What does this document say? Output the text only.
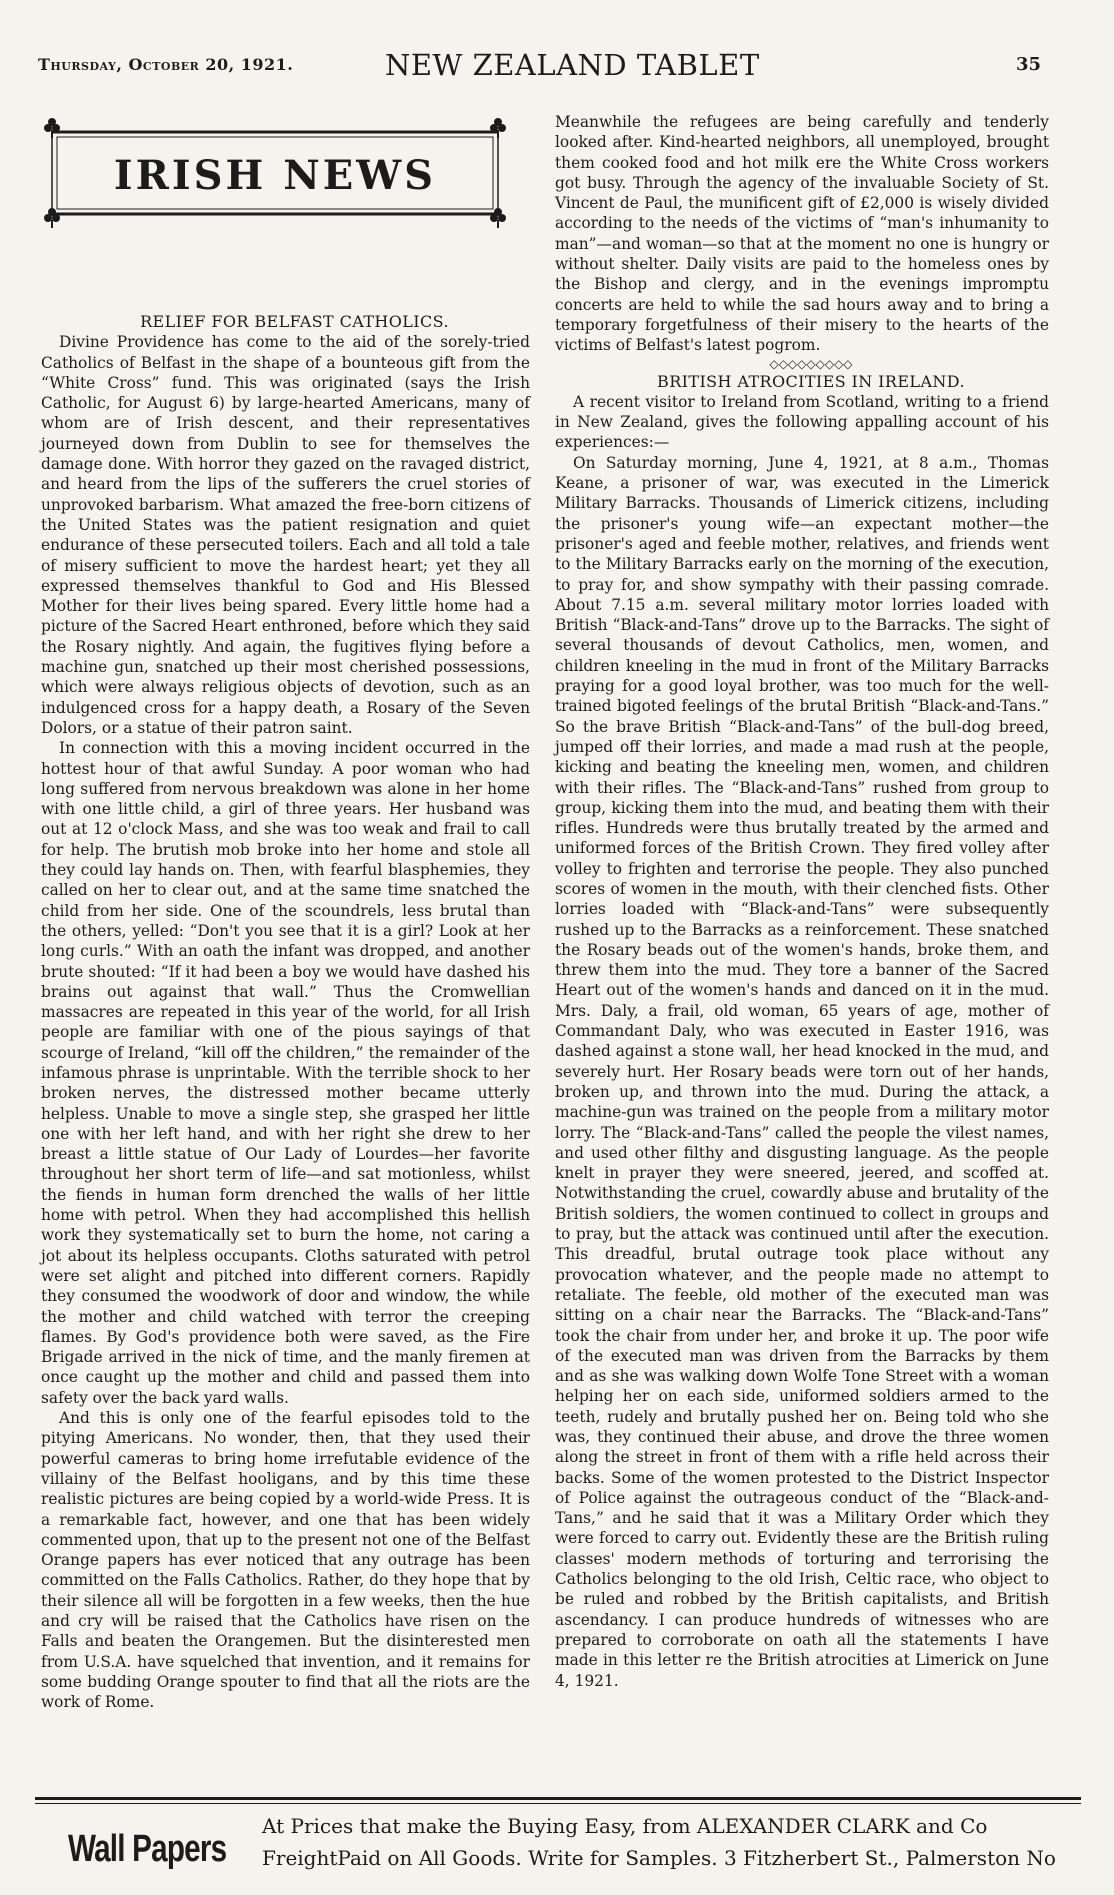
Thursday, October 20, 1921.	NEW ZEALAND TABLET	35
IRISH NEWS

RELIEF FOR BELFAST CATHOLICS.

Divine Providence has come to the aid of the sorely-tried Catholics of Belfast in the shape of a bounteous gift from the “White Cross” fund. This was originated (says the Irish Catholic, for August 6) by large-hearted Americans, many of whom are of Irish descent, and their representatives journeyed down from Dublin to see for themselves the damage done. With horror they gazed on the ravaged district, and heard from the lips of the sufferers the cruel stories of unprovoked barbarism. What amazed the free-born citizens of the United States was the patient resignation and quiet endurance of these persecuted toilers. Each and all told a tale of misery sufficient to move the hardest heart; yet they all expressed themselves thankful to God and His Blessed Mother for their lives being spared. Every little home had a picture of the Sacred Heart enthroned, before which they said the Rosary nightly. And again, the fugitives flying before a machine gun, snatched up their most cherished possessions, which were always religious objects of devotion, such as an indulgenced cross for a happy death, a Rosary of the Seven Dolors, or a statue of their patron saint.

In connection with this a moving incident occurred in the hottest hour of that awful Sunday. A poor woman who had long suffered from nervous breakdown was alone in her home with one little child, a girl of three years. Her husband was out at 12 o'clock Mass, and she was too weak and frail to call for help. The brutish mob broke into her home and stole all they could lay hands on. Then, with fearful blasphemies, they called on her to clear out, and at the same time snatched the child from her side. One of the scoundrels, less brutal than the others, yelled: “Don't you see that it is a girl? Look at her long curls.” With an oath the infant was dropped, and another brute shouted: “If it had been a boy we would have dashed his brains out against that wall.” Thus the Cromwellian massacres are repeated in this year of the world, for all Irish people are familiar with one of the pious sayings of that scourge of Ireland, “kill off the children,” the remainder of the infamous phrase is unprintable. With the terrible shock to her broken nerves, the distressed mother became utterly helpless. Unable to move a single step, she grasped her little one with her left hand, and with her right she drew to her breast a little statue of Our Lady of Lourdes—her favorite throughout her short term of life—and sat motionless, whilst the fiends in human form drenched the walls of her little home with petrol. When they had accomplished this hellish work they systematically set to burn the home, not caring a jot about its helpless occupants. Cloths saturated with petrol were set alight and pitched into different corners. Rapidly they consumed the woodwork of door and window, the while the mother and child watched with terror the creeping flames. By God's providence both were saved, as the Fire Brigade arrived in the nick of time, and the manly firemen at once caught up the mother and child and passed them into safety over the back yard walls.

And this is only one of the fearful episodes told to the pitying Americans. No wonder, then, that they used their powerful cameras to bring home irrefutable evidence of the villainy of the Belfast hooligans, and by this time these realistic pictures are being copied by a world-wide Press. It is a remarkable fact, however, and one that has been widely commented upon, that up to the present not one of the Belfast Orange papers has ever noticed that any outrage has been committed on the Falls Catholics. Rather, do they hope that by their silence all will be forgotten in a few weeks, then the hue and cry will be raised that the Catholics have risen on the Falls and beaten the Orangemen. But the disinterested men from U.S.A. have squelched that invention, and it remains for some budding Orange spouter to find that all the riots are the work of Rome.

Meanwhile the refugees are being carefully and tenderly looked after. Kind-hearted neighbors, all unemployed, brought them cooked food and hot milk ere the White Cross workers got busy. Through the agency of the invaluable Society of St. Vincent de Paul, the munificent gift of £2,000 is wisely divided according to the needs of the victims of “man's inhumanity to man”—and woman—so that at the moment no one is hungry or without shelter. Daily visits are paid to the homeless ones by the Bishop and clergy, and in the evenings impromptu concerts are held to while the sad hours away and to bring a temporary forgetfulness of their misery to the hearts of the victims of Belfast's latest pogrom.

◇◇◇◇◇◇◇◇◇

BRITISH ATROCITIES IN IRELAND.

A recent visitor to Ireland from Scotland, writing to a friend in New Zealand, gives the following appalling account of his experiences:—

On Saturday morning, June 4, 1921, at 8 a.m., Thomas Keane, a prisoner of war, was executed in the Limerick Military Barracks. Thousands of Limerick citizens, including the prisoner's young wife—an expectant mother—the prisoner's aged and feeble mother, relatives, and friends went to the Military Barracks early on the morning of the execution, to pray for, and show sympathy with their passing comrade. About 7.15 a.m. several military motor lorries loaded with British “Black-and-Tans” drove up to the Barracks. The sight of several thousands of devout Catholics, men, women, and children kneeling in the mud in front of the Military Barracks praying for a good loyal brother, was too much for the well-trained bigoted feelings of the brutal British “Black-and-Tans.” So the brave British “Black-and-Tans” of the bull-dog breed, jumped off their lorries, and made a mad rush at the people, kicking and beating the kneeling men, women, and children with their rifles. The “Black-and-Tans” rushed from group to group, kicking them into the mud, and beating them with their rifles. Hundreds were thus brutally treated by the armed and uniformed forces of the British Crown. They fired volley after volley to frighten and terrorise the people. They also punched scores of women in the mouth, with their clenched fists. Other lorries loaded with “Black-and-Tans” were subsequently rushed up to the Barracks as a reinforcement. These snatched the Rosary beads out of the women's hands, broke them, and threw them into the mud. They tore a banner of the Sacred Heart out of the women's hands and danced on it in the mud. Mrs. Daly, a frail, old woman, 65 years of age, mother of Commandant Daly, who was executed in Easter 1916, was dashed against a stone wall, her head knocked in the mud, and severely hurt. Her Rosary beads were torn out of her hands, broken up, and thrown into the mud. During the attack, a machine-gun was trained on the people from a military motor lorry. The “Black-and-Tans” called the people the vilest names, and used other filthy and disgusting language. As the people knelt in prayer they were sneered, jeered, and scoffed at. Notwithstanding the cruel, cowardly abuse and brutality of the British soldiers, the women continued to collect in groups and to pray, but the attack was continued until after the execution. This dreadful, brutal outrage took place without any provocation whatever, and the people made no attempt to retaliate. The feeble, old mother of the executed man was sitting on a chair near the Barracks. The “Black-and-Tans” took the chair from under her, and broke it up. The poor wife of the executed man was driven from the Barracks by them and as she was walking down Wolfe Tone Street with a woman helping her on each side, uniformed soldiers armed to the teeth, rudely and brutally pushed her on. Being told who she was, they continued their abuse, and drove the three women along the street in front of them with a rifle held across their backs. Some of the women protested to the District Inspector of Police against the outrageous conduct of the “Black-and-Tans,” and he said that it was a Military Order which they were forced to carry out. Evidently these are the British ruling classes' modern methods of torturing and terrorising the Catholics belonging to the old Irish, Celtic race, who object to be ruled and robbed by the British capitalists, and British ascendancy. I can produce hundreds of witnesses who are prepared to corroborate on oath all the statements I have made in this letter re the British atrocities at Limerick on June 4, 1921.

Wall Papers
At Prices that make the Buying Easy, from ALEXANDER CLARK and Co
FreightPaid on All Goods. Write for Samples. 3 Fitzherbert St., Palmerston No
